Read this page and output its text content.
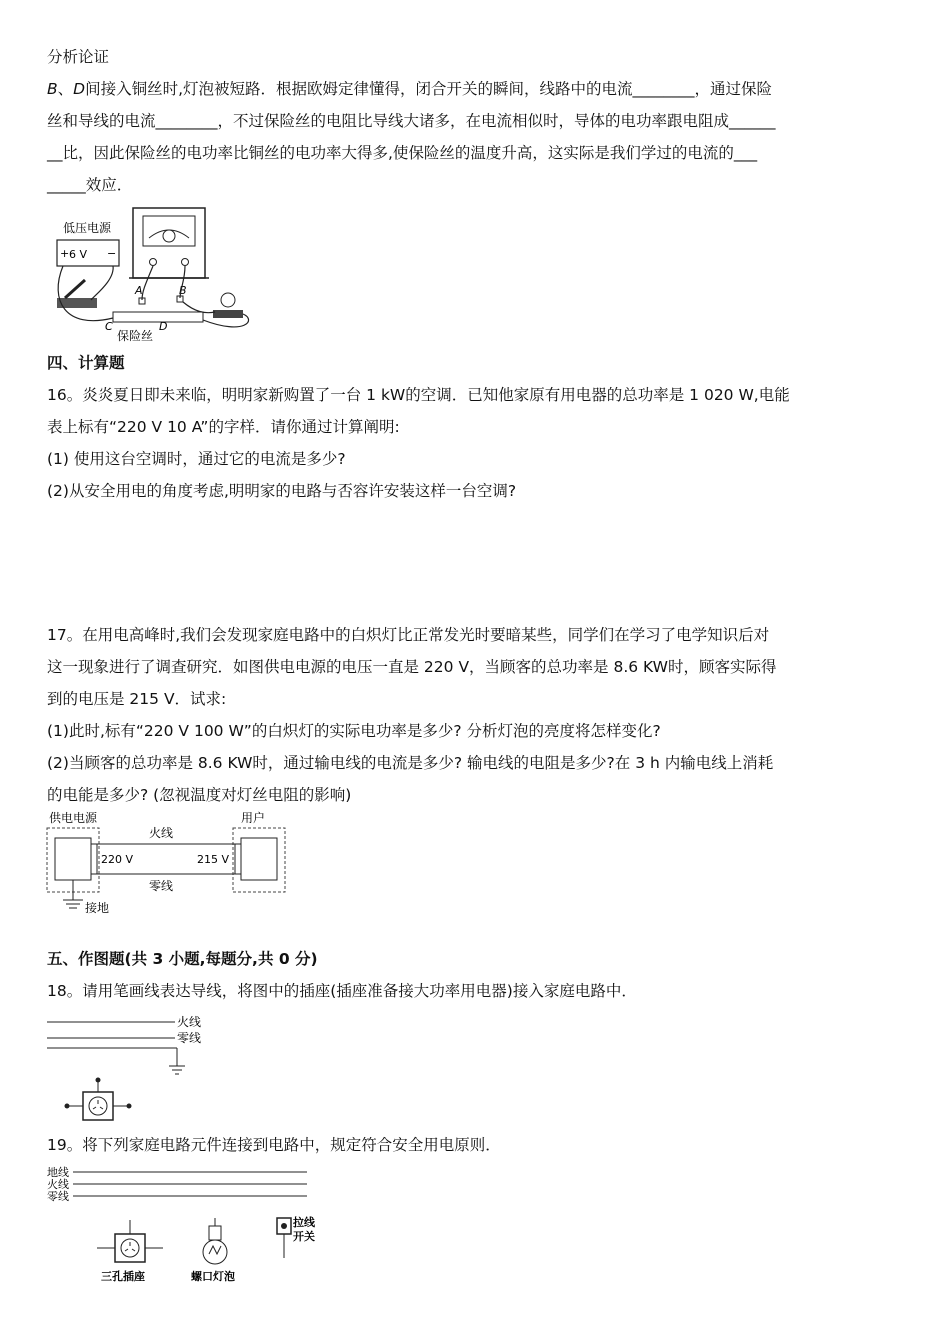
分析论证
B、D间接入铜丝时,灯泡被短路．根据欧姆定律懂得，闭合开关的瞬间，线路中的电流________，通过保险
丝和导线的电流________，不过保险丝的电阻比导线大诸多，在电流相似时，导体的电功率跟电阻成______
__比，因此保险丝的电功率比铜丝的电功率大得多,使保险丝的温度升高，这实际是我们学过的电流的___
_____效应．
低压电源
+ 6 V −
A	B
C	D
保险丝
四、计算题
16。炎炎夏日即未来临，明明家新购置了一台 1 kW的空调．已知他家原有用电器的总功率是 1 020 W,电能
表上标有“220 V 10 A”的字样．请你通过计算阐明:
(1) 使用这台空调时，通过它的电流是多少?
(2)从安全用电的角度考虑,明明家的电路与否容许安装这样一台空调?
17。在用电高峰时,我们会发现家庭电路中的白炽灯比正常发光时要暗某些，同学们在学习了电学知识后对
这一现象进行了调查研究．如图供电电源的电压一直是 220 V，当顾客的总功率是 8.6 KW时，顾客实际得
到的电压是 215 V．试求:
(1)此时,标有“220 V 100 W”的白炽灯的实际电功率是多少? 分析灯泡的亮度将怎样变化?
(2)当顾客的总功率是 8.6 KW时，通过输电线的电流是多少? 输电线的电阻是多少?在 3 h 内输电线上消耗
的电能是多少? (忽视温度对灯丝电阻的影响)
供电电源	用户
火线
零线
220 V	215 V
接地
五、作图题(共 3 小题,每题分,共 0 分)
18。请用笔画线表达导线，将图中的插座(插座准备接大功率用电器)接入家庭电路中．
火线
零线
19。将下列家庭电路元件连接到电路中，规定符合安全用电原则．
地线
火线
零线
三孔插座	螺口灯泡
拉线
开关
